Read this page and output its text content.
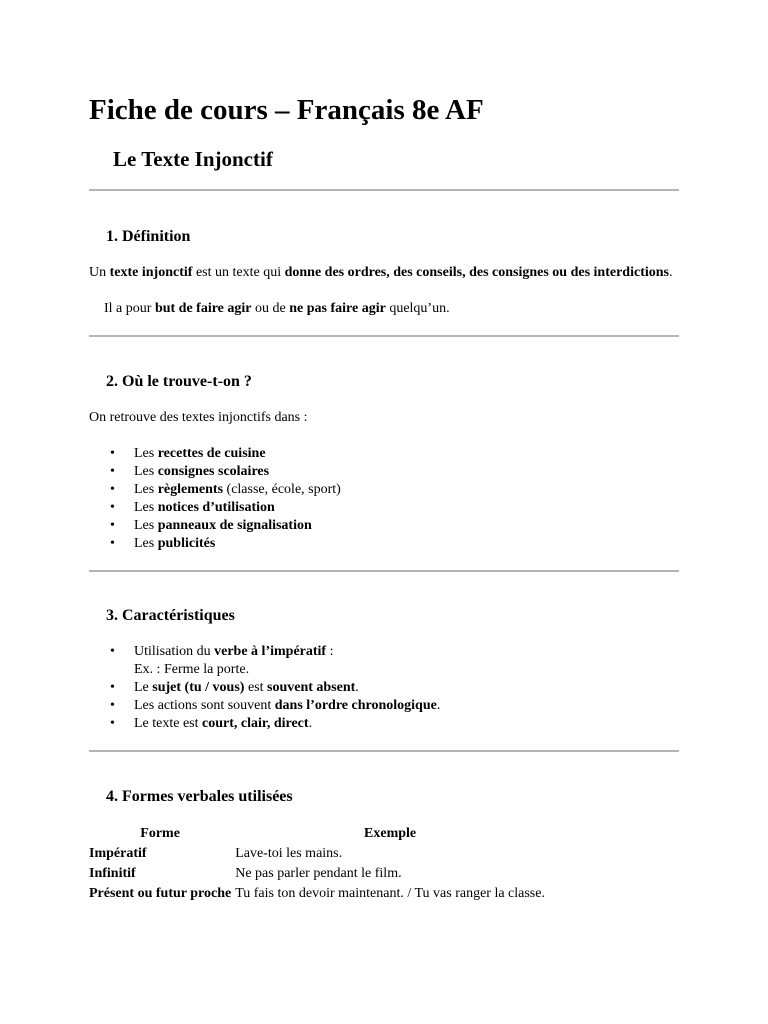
Fiche de cours – Français 8e AF
Le Texte Injonctif
1. Définition

Un texte injonctif est un texte qui donne des ordres, des conseils, des consignes ou des interdictions.

Il a pour but de faire agir ou de ne pas faire agir quelqu’un.

2. Où le trouve-t-on ?

On retrouve des textes injonctifs dans :

• Les recettes de cuisine
• Les consignes scolaires
• Les règlements (classe, école, sport)
• Les notices d’utilisation
• Les panneaux de signalisation
• Les publicités
3. Caractéristiques
• Utilisation du verbe à l’impératif :
Ex. : Ferme la porte.
• Le sujet (tu / vous) est souvent absent.
• Les actions sont souvent dans l’ordre chronologique.
• Le texte est court, clair, direct.
4. Formes verbales utilisées
Forme	Exemple
Impératif	Lave-toi les mains.
Infinitif	Ne pas parler pendant le film.
Présent ou futur proche	Tu fais ton devoir maintenant. / Tu vas ranger la classe.
